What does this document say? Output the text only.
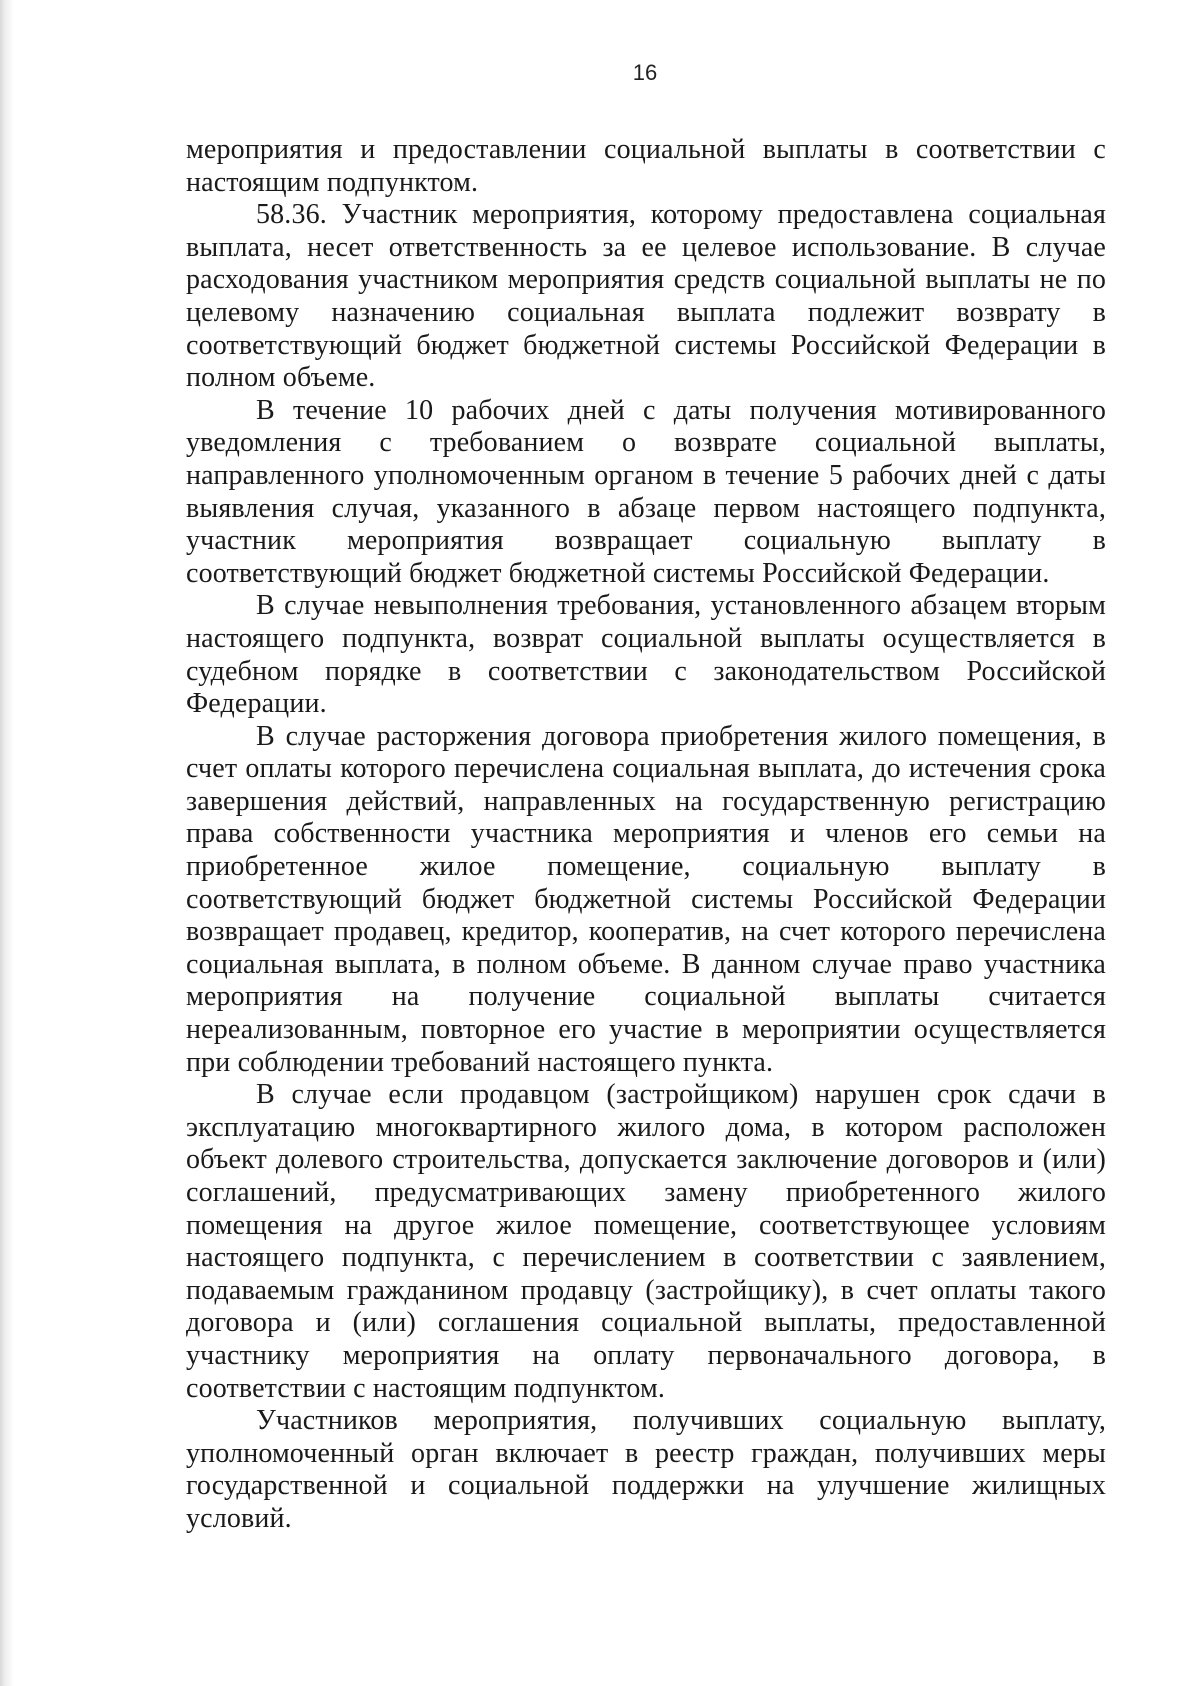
16

мероприятия и предоставлении социальной выплаты в соответствии с настоящим подпунктом.

58.36. Участник мероприятия, которому предоставлена социальная выплата, несет ответственность за ее целевое использование. В случае расходования участником мероприятия средств социальной выплаты не по целевому назначению социальная выплата подлежит возврату в соответствующий бюджет бюджетной системы Российской Федерации в полном объеме.

В течение 10 рабочих дней с даты получения мотивированного уведомления с требованием о возврате социальной выплаты, направленного уполномоченным органом в течение 5 рабочих дней с даты выявления случая, указанного в абзаце первом настоящего подпункта, участник мероприятия возвращает социальную выплату в соответствующий бюджет бюджетной системы Российской Федерации.

В случае невыполнения требования, установленного абзацем вторым настоящего подпункта, возврат социальной выплаты осуществляется в судебном порядке в соответствии с законодательством Российской Федерации.

В случае расторжения договора приобретения жилого помещения, в счет оплаты которого перечислена социальная выплата, до истечения срока завершения действий, направленных на государственную регистрацию права собственности участника мероприятия и членов его семьи на приобретенное жилое помещение, социальную выплату в соответствующий бюджет бюджетной системы Российской Федерации возвращает продавец, кредитор, кооператив, на счет которого перечислена социальная выплата, в полном объеме. В данном случае право участника мероприятия на получение социальной выплаты считается нереализованным, повторное его участие в мероприятии осуществляется при соблюдении требований настоящего пункта.

В случае если продавцом (застройщиком) нарушен срок сдачи в эксплуатацию многоквартирного жилого дома, в котором расположен объект долевого строительства, допускается заключение договоров и (или) соглашений, предусматривающих замену приобретенного жилого помещения на другое жилое помещение, соответствующее условиям настоящего подпункта, с перечислением в соответствии с заявлением, подаваемым гражданином продавцу (застройщику), в счет оплаты такого договора и (или) соглашения социальной выплаты, предоставленной участнику мероприятия на оплату первоначального договора, в соответствии с настоящим подпунктом.

Участников мероприятия, получивших социальную выплату, уполномоченный орган включает в реестр граждан, получивших меры государственной и социальной поддержки на улучшение жилищных условий.
